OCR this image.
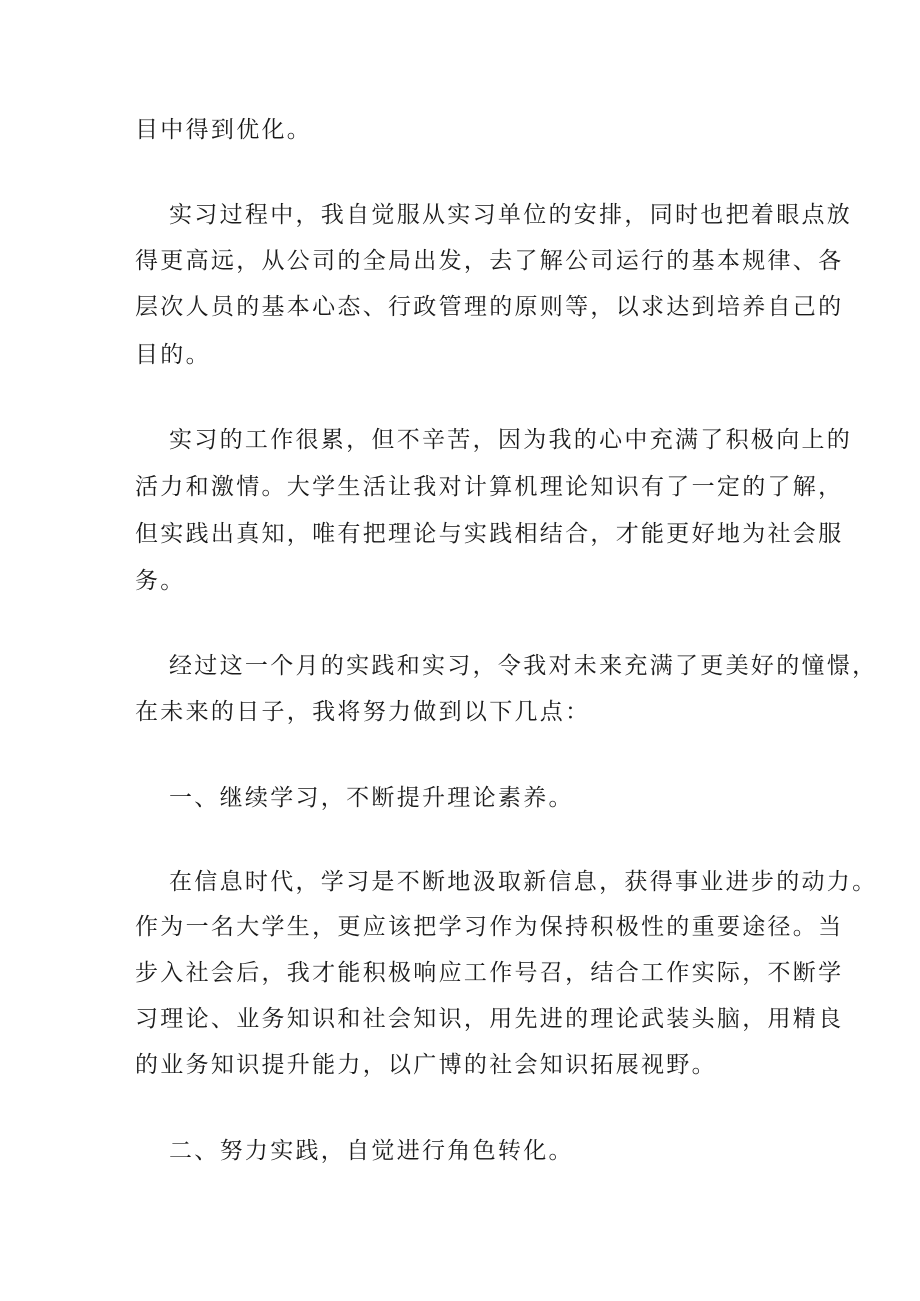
目中得到优化。
实习过程中，我自觉服从实习单位的安排，同时也把着眼点放
得更高远，从公司的全局出发，去了解公司运行的基本规律、各
层次人员的基本心态、行政管理的原则等，以求达到培养自己的
目的。
实习的工作很累，但不辛苦，因为我的心中充满了积极向上的
活力和激情。大学生活让我对计算机理论知识有了一定的了解，
但实践出真知，唯有把理论与实践相结合，才能更好地为社会服
务。
经过这一个月的实践和实习，令我对未来充满了更美好的憧憬，
在未来的日子，我将努力做到以下几点：
一、继续学习，不断提升理论素养。
在信息时代，学习是不断地汲取新信息，获得事业进步的动力。
作为一名大学生，更应该把学习作为保持积极性的重要途径。当
步入社会后，我才能积极响应工作号召，结合工作实际，不断学
习理论、业务知识和社会知识，用先进的理论武装头脑，用精良
的业务知识提升能力，以广博的社会知识拓展视野。
二、努力实践，自觉进行角色转化。
